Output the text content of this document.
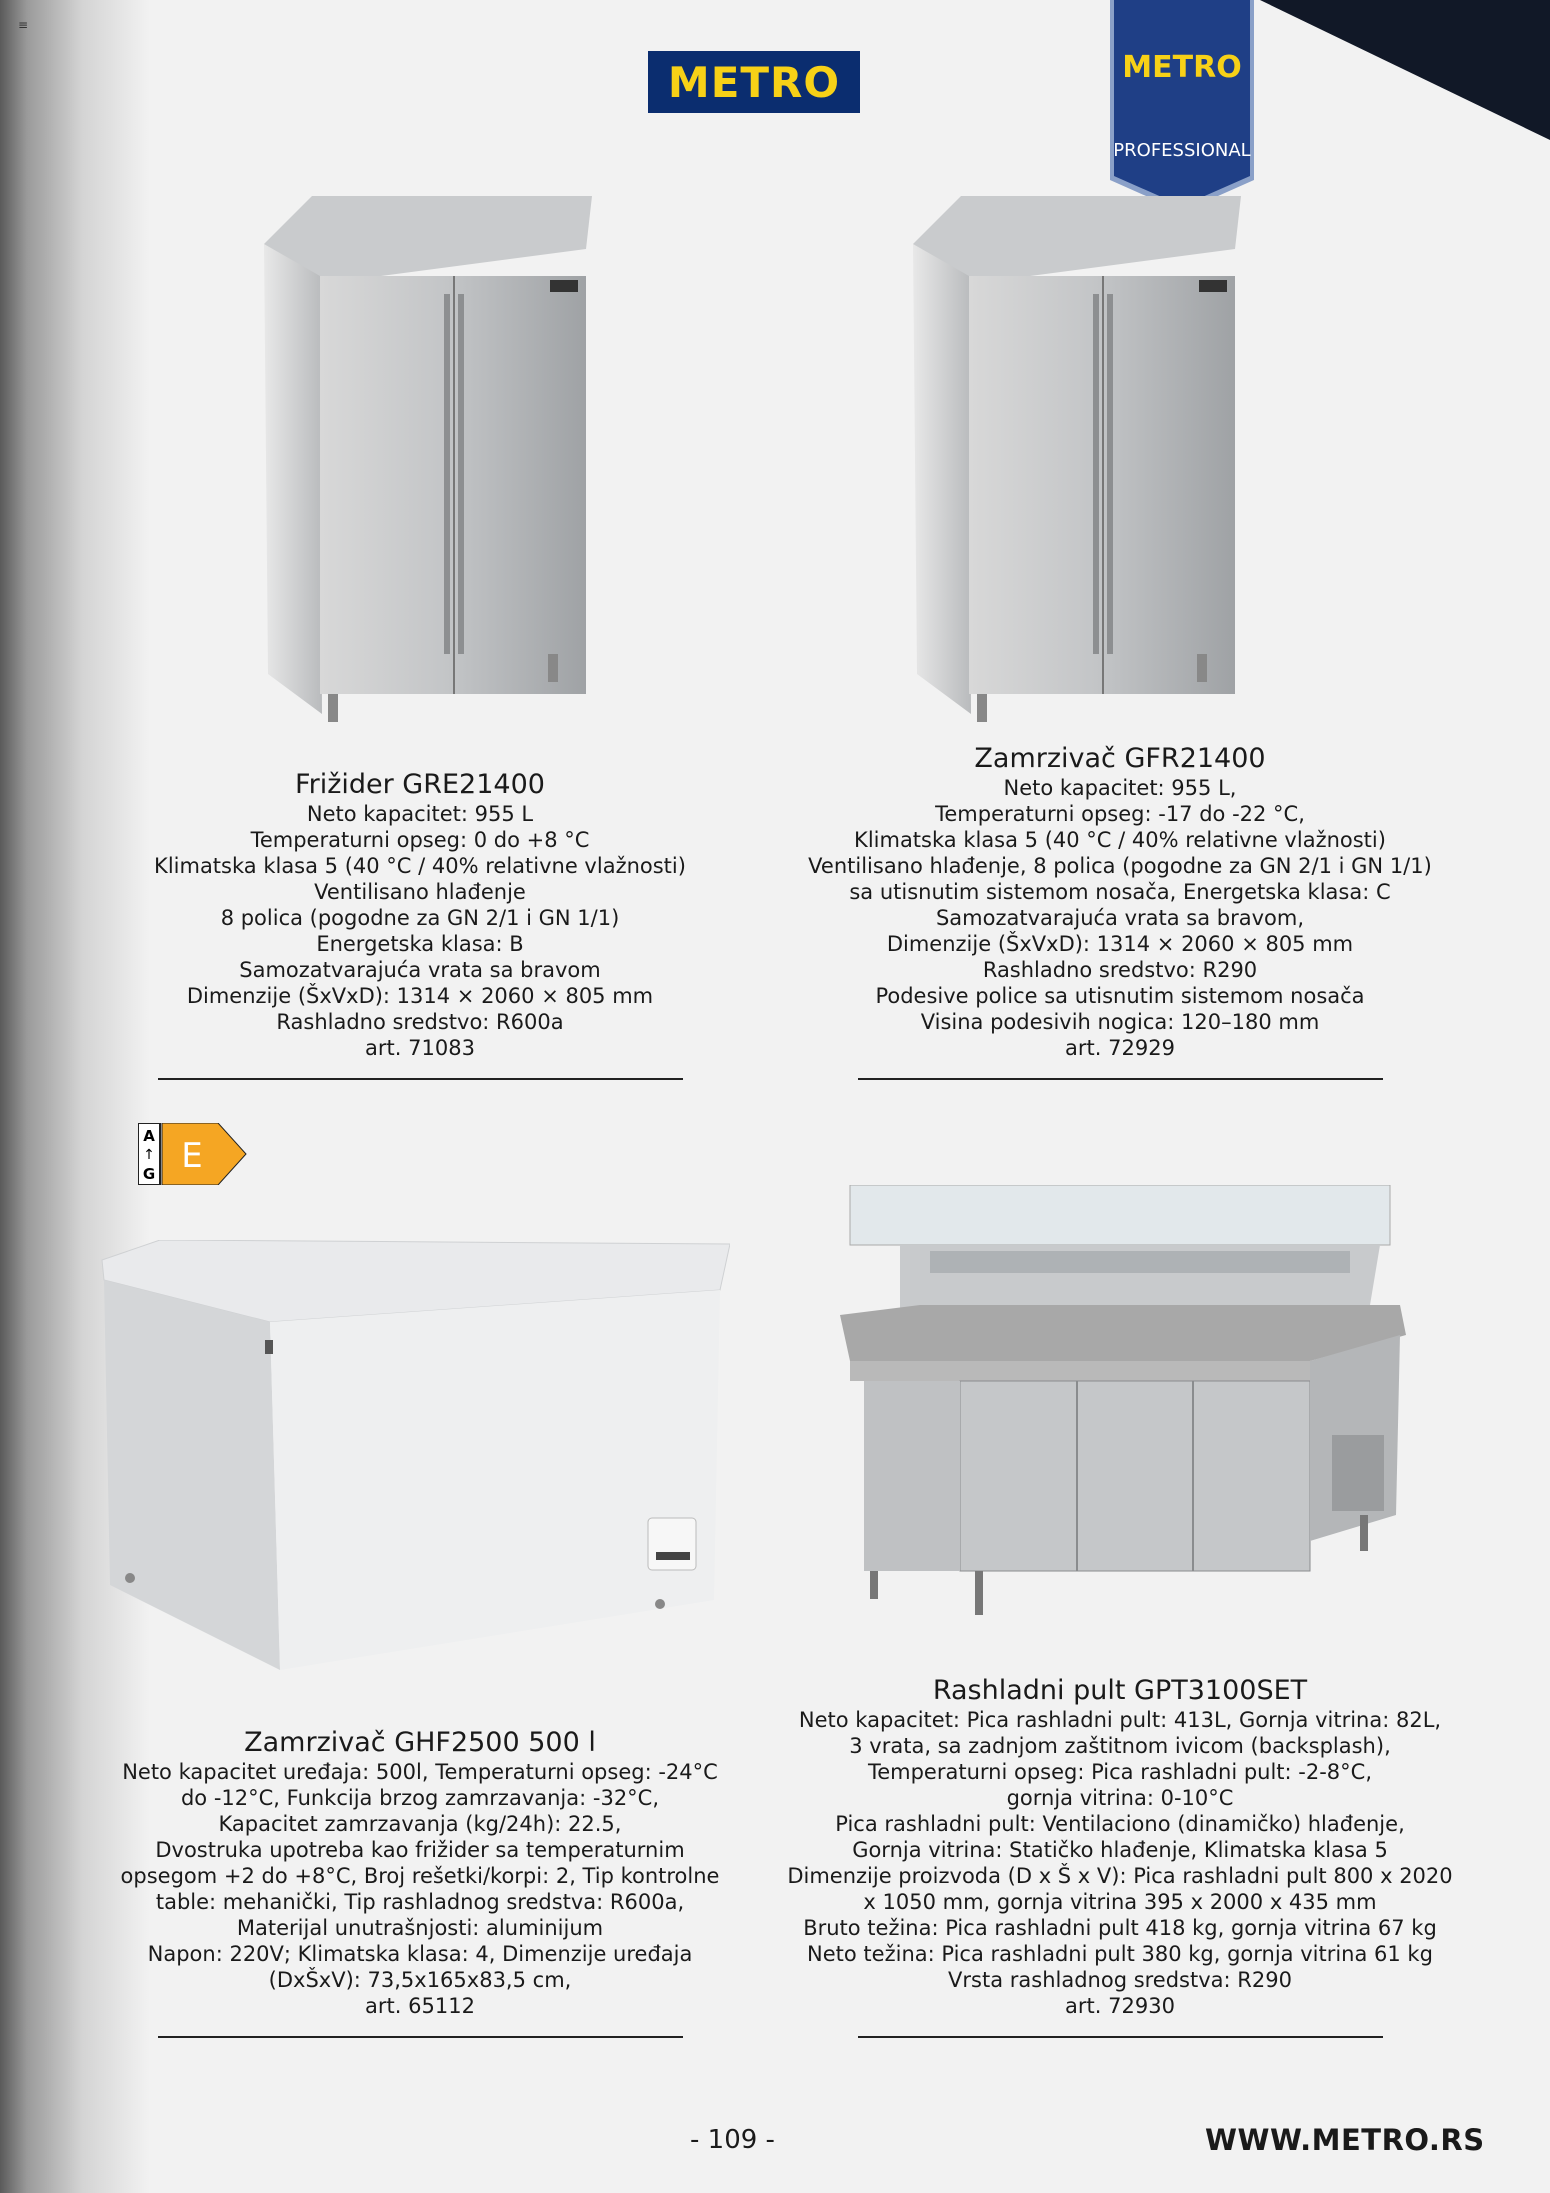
≡
METRO	METRO
PROFESSIONAL
A
↑
G E
Frižider GRE21400
Neto kapacitet: 955 L
Temperaturni opseg: 0 do +8 °C
Klimatska klasa 5 (40 °C / 40% relativne vlažnosti)
Ventilisano hlađenje
8 polica (pogodne za GN 2/1 i GN 1/1)
Energetska klasa: B
Samozatvarajuća vrata sa bravom
Dimenzije (ŠxVxD): 1314 × 2060 × 805 mm
Rashladno sredstvo: R600a
art. 71083
Zamrzivač GFR21400
Neto kapacitet: 955 L,
Temperaturni opseg: -17 do -22 °C,
Klimatska klasa 5 (40 °C / 40% relativne vlažnosti)
Ventilisano hlađenje, 8 polica (pogodne za GN 2/1 i GN 1/1)
sa utisnutim sistemom nosača, Energetska klasa: C
Samozatvarajuća vrata sa bravom,
Dimenzije (ŠxVxD): 1314 × 2060 × 805 mm
Rashladno sredstvo: R290
Podesive police sa utisnutim sistemom nosača
Visina podesivih nogica: 120–180 mm
art. 72929
Zamrzivač GHF2500 500 l
Neto kapacitet uređaja: 500l, Temperaturni opseg: -24°C
do -12°C, Funkcija brzog zamrzavanja: -32°C,
Kapacitet zamrzavanja (kg/24h): 22.5,
Dvostruka upotreba kao frižider sa temperaturnim
opsegom +2 do +8°C, Broj rešetki/korpi: 2, Tip kontrolne
table: mehanički, Tip rashladnog sredstva: R600a,
Materijal unutrašnjosti: aluminijum
Napon: 220V; Klimatska klasa: 4, Dimenzije uređaja
(DxŠxV): 73,5x165x83,5 cm,
art. 65112
Rashladni pult GPT3100SET
Neto kapacitet: Pica rashladni pult: 413L, Gornja vitrina: 82L,
3 vrata, sa zadnjom zaštitnom ivicom (backsplash),
Temperaturni opseg: Pica rashladni pult: -2-8°C,
gornja vitrina: 0-10°C
Pica rashladni pult: Ventilaciono (dinamičko) hlađenje,
Gornja vitrina: Statičko hlađenje, Klimatska klasa 5
Dimenzije proizvoda (D x Š x V): Pica rashladni pult 800 x 2020
x 1050 mm, gornja vitrina 395 x 2000 x 435 mm
Bruto težina: Pica rashladni pult 418 kg, gornja vitrina 67 kg
Neto težina: Pica rashladni pult 380 kg, gornja vitrina 61 kg
Vrsta rashladnog sredstva: R290
art. 72930
- 109 -	WWW.METRO.RS
